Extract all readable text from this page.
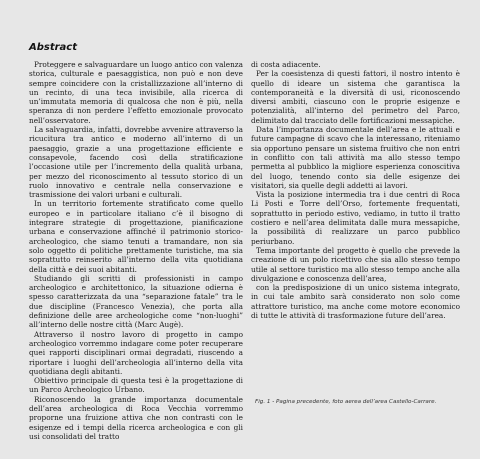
Abstract

Proteggere e salvaguardare un luogo antico con valenza storica, culturale e paesaggistica, non può e non deve sempre coincidere con la cristallizzazione all’interno di un recinto, di una teca invisibile, alla ricerca di un’immutata memoria di qualcosa che non è più, nella speranza di non perdere l’effetto emozionale provocato nell’osservatore.

La salvaguardia, infatti, dovrebbe avvenire attraverso la ricucitura tra antico e moderno all’interno di un paesaggio, grazie a una progettazione efficiente e consapevole, facendo così della stratificazione l’occasione utile per l’incremento della qualità urbana, per mezzo del riconoscimento al tessuto storico di un ruolo innovativo e centrale nella conservazione e trasmissione dei valori urbani e culturali.

In un territorio fortemente stratificato come quello europeo e in particolare italiano c’è il bisogno di integrare strategie di progettazione, pianificazione urbana e conservazione affinché il patrimonio storico-archeologico, che siamo tenuti a tramandare, non sia solo oggetto di politiche prettamente turistiche, ma sia soprattutto reinserito all’interno della vita quotidiana della città e dei suoi abitanti.

Studiando gli scritti di professionisti in campo archeologico e architettonico, la situazione odierna è spesso caratterizzata da una “separazione fatale” tra le due discipline (Francesco Venezia), che porta alla definizione delle aree archeologiche come “non-luoghi” all’interno delle nostre città (Marc Augè).

Attraverso il nostro lavoro di progetto in campo archeologico vorremmo indagare come poter recuperare quei rapporti disciplinari ormai degradati, riuscendo a riportare i luoghi dell’archeologia all’interno della vita quotidiana degli abitanti.

Obiettivo principale di questa tesi è la progettazione di un Parco Archeologico Urbano.

Riconoscendo la grande importanza documentale dell’area archeologica di Roca Vecchia vorremmo proporne una fruizione attiva che non contrasti con le esigenze ed i tempi della ricerca archeologica e con gli usi consolidati del tratto

di costa adiacente.

Per la coesistenza di questi fattori, il nostro intento è quello di ideare un sistema che garantisca la contemporaneità e la diversità di usi, riconoscendo diversi ambiti, ciascuno con le proprie esigenze e potenzialità, all’interno del perimetro del Parco, delimitato dal tracciato delle fortificazioni messapiche.

Data l’importanza documentale dell’area e le attuali e future campagne di scavo che la interessano, riteniamo sia opportuno pensare un sistema fruitivo che non entri in conflitto con tali attività ma allo stesso tempo permetta al pubblico la migliore esperienza conoscitiva del luogo, tenendo conto sia delle esigenze dei visitatori, sia quelle degli addetti ai lavori.

Vista la posizione intermedia tra i due centri di Roca Li Posti e Torre dell’Orso, fortemente frequentati, soprattutto in periodo estivo, vediamo, in tutto il tratto costiero e nell’area delimitata dalle mura messapiche, la possibilità di realizzare un parco pubblico periurbano.

Tema importante del progetto è quello che prevede la creazione di un polo ricettivo che sia allo stesso tempo utile al settore turistico ma allo stesso tempo anche alla divulgazione e conoscenza dell’area,

con la predisposizione di un unico sistema integrato, in cui tale ambito sarà considerato non solo come attrattore turistico, ma anche come motore economico di tutte le attività di trasformazione future dell’area.

Fig. 1 - Pagina precedente, foto aerea dell’area Castello-Carrare.
